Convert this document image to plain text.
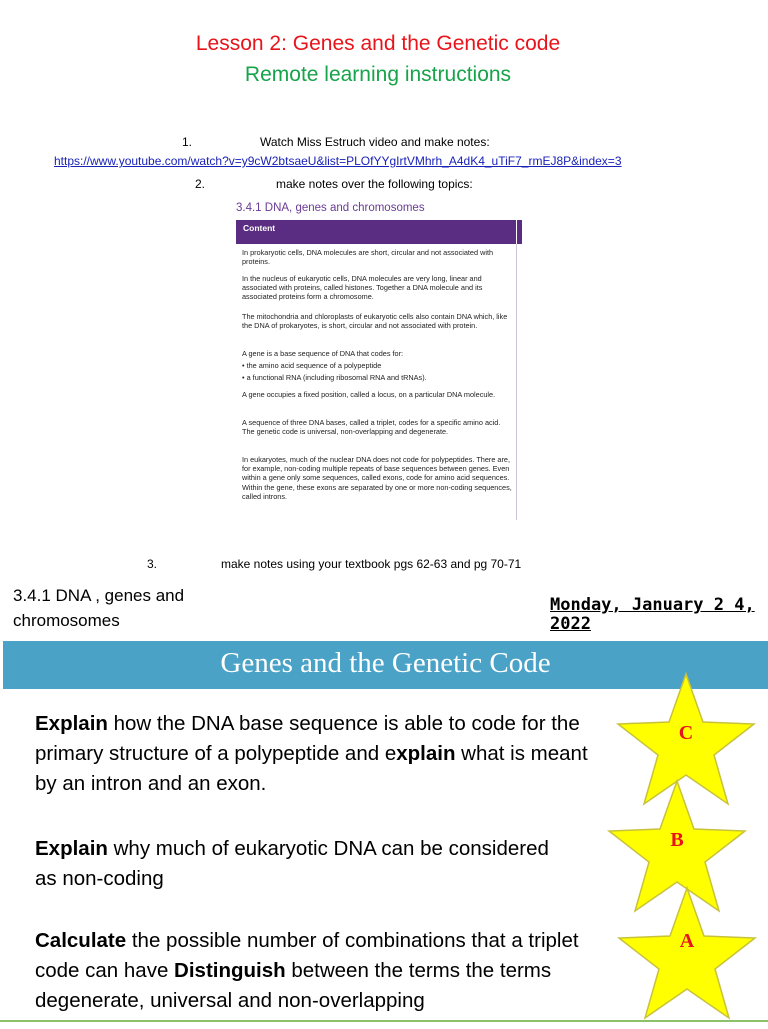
Lesson 2: Genes and the Genetic code
Remote learning instructions
1.	Watch Miss Estruch video and make notes:
https://www.youtube.com/watch?v=y9cW2btsaeU&list=PLOfYYgIrtVMhrh_A4dK4_uTiF7_rmEJ8P&index=3
2.	make notes over the following topics:
3.4.1 DNA, genes and chromosomes
Content
In prokaryotic cells, DNA molecules are short, circular and not associated with proteins.
In the nucleus of eukaryotic cells, DNA molecules are very long, linear and associated with proteins, called histones. Together a DNA molecule and its associated proteins form a chromosome.
The mitochondria and chloroplasts of eukaryotic cells also contain DNA which, like the DNA of prokaryotes, is short, circular and not associated with protein.
A gene is a base sequence of DNA that codes for:
• the amino acid sequence of a polypeptide
• a functional RNA (including ribosomal RNA and tRNAs).
A gene occupies a fixed position, called a locus, on a particular DNA molecule.
A sequence of three DNA bases, called a triplet, codes for a specific amino acid. The genetic code is universal, non-overlapping and degenerate.
In eukaryotes, much of the nuclear DNA does not code for polypeptides. There are, for example, non-coding multiple repeats of base sequences between genes. Even within a gene only some sequences, called exons, code for amino acid sequences. Within the gene, these exons are separated by one or more non-coding sequences, called introns.
3.	make notes using your textbook pgs 62-63 and pg 70-71
3.4.1 DNA , genes and chromosomes
Monday, January 2 4, 2022
Genes and the Genetic Code
Explain how the DNA base sequence is able to code for the primary structure of a polypeptide and explain what is meant by an intron and an exon.
Explain why much of eukaryotic DNA can be considered as non-coding
Calculate the possible number of combinations that a triplet code can have Distinguish between the terms the terms degenerate, universal and non-overlapping
C
B
A
